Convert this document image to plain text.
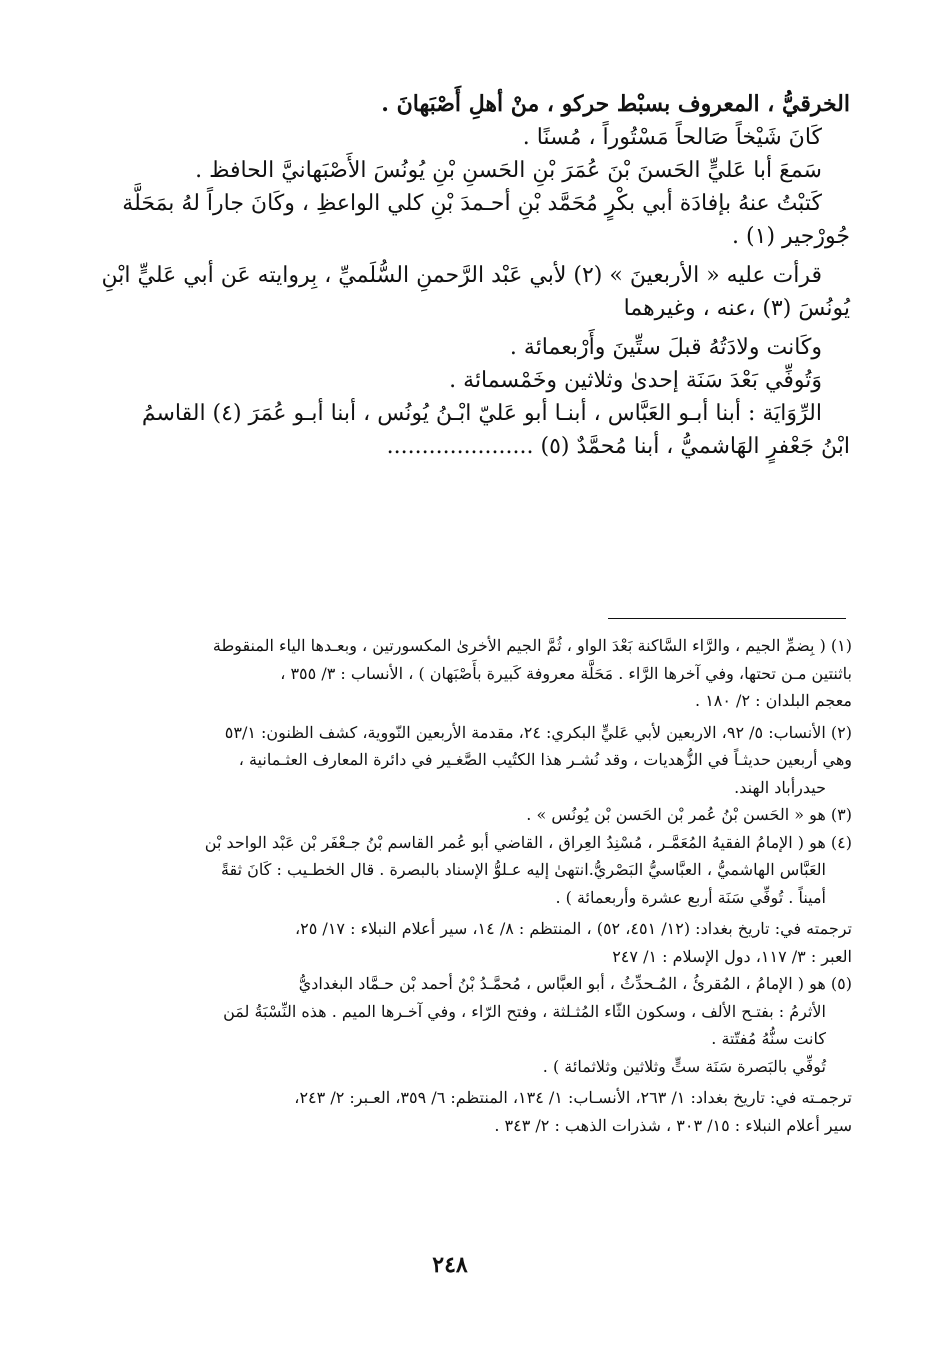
الخرقيُّ ، المعروف بسبْط حركو ، منْ أهلِ أَصْبَهانَ .
كَانَ شَيْخاً صَالحاً مَسْتُوراً ، مُسنًا .
سَمعَ أبا عَليٍّ الحَسنَ بْنَ عُمَرَ بْنِ الحَسنِ بْنِ يُونُسَ الأَصْبَهانيَّ الحافظ .
كَتبْتُ عنهُ بإفادَة أبي بكْرٍ مُحَمَّد بْنِ أحـمدَ بْنِ كلي الواعظِ ، وكَانَ جاراً لهُ بمَحَلَّة
جُورْجير (١) .
قرأت عليه « الأربعينَ » (٢) لأبي عَبْد الرَّحمنِ السُّلَميِّ ، بِروايته عَن أبي عَليٍّ ابْنِ
يُونُسَ (٣) ،عنه ، وغيرهما
وكَانت ولادَتُهُ قبلَ ستِّينَ وأَرْبعمائة .
وَتُوفِّي بَعْدَ سَنَة إحدىٰ وثلاثين وخَمْسمائة .
الرِّوَايَة : أبنا أبـو العَبَّاس ، أبنـا أبو عَليّ ابْـنُ يُونُس ، أبنا أبـو عُمَرَ (٤) القاسمُ
ابْنُ جَعْفرٍ الهَاشميُّ ، أبنا مُحمَّدٌ (٥) .....................
(١) ( بِضمِّ الجيم ، والرَّاء السَّاكنة بَعْدَ الواو ، ثُمَّ الجيم الأخرىٰ المكسورتين ، وبعـدها الياء المنقوطة
باثنتين مـن تحتها، وفي آخرها الرَّاء . مَحَلَّة معروفة كَبيرة بأَصْبَهان ) ، الأنساب : ٣/ ٣٥٥ ،
معجم البلدان : ٢/ ١٨٠ .
(٢) الأنساب: ٥/ ٩٢، الاربعين لأبي عَليٍّ البكري: ٢٤، مقدمة الأربعين النّووية، كشف الظنون: ٥٣/١
وهي أربعين حديثـاً في الزُّهديات ، وقد نُشـر هذا الكتُيب الصَّغـير في دائرة المعارف العثـمانية ،
حيدرأباد الهند.
(٣) هو « الحَسن بْنُ عُمر بْن الحَسن بْن يُونُس » .
(٤) هو ( الإمامُ الفقيهُ المُعَمَّـر ، مُسْنِدُ العِراق ، القاضي أبو عُمر القاسم بْنُ جـعْفَر بْن عَبْد الواحد بْن
العَبَّاس الهاشميُّ ، العبَّاسيُّ البَصْريُّ.انتهىٰ إليه عـلوُّ الإسناد بالبصرة . قال الخطـيب : كَانَ ثقةً
أميناً . تُوفِّي سَنَة أربع عشرة وأربعمائة ) .
ترجمته في: تاريخ بغداد: (١٢/ ٤٥١، ٥٢) ، المنتظم : ٨/ ١٤، سير أعلام النبلاء : ١٧/ ٢٥،
العبر : ٣/ ١١٧، دول الإسلام : ١/ ٢٤٧
(٥) هو ( الإمامُ ، المُقرئُ ، المُـحدِّثُ ، أبو العبَّاس ، مُحمَّـدُ بْنُ أحمد بْن حـمَّاد البغداديُّ
الأثرمُ : بفتـح الألف ، وسكون الثّاء المُثـلثة ، وفتح الرّاء ، وفي آخـرها الميم . هذه النِّسْبَةُ لمَن
كانت سنُّهُ مُفتّتة .
تُوفِّي بالبَصرة سَنَة ستٍّ وثلاثين وثلاثمائة ) .
ترجمـته في: تاريخ بغداد: ١/ ٢٦٣، الأنسـاب: ١/ ١٣٤، المنتظم: ٦/ ٣٥٩، العـبر: ٢/ ٢٤٣،
سير أعلام النبلاء : ١٥/ ٣٠٣ ، شذرات الذهب : ٢/ ٣٤٣ .
٢٤٨
